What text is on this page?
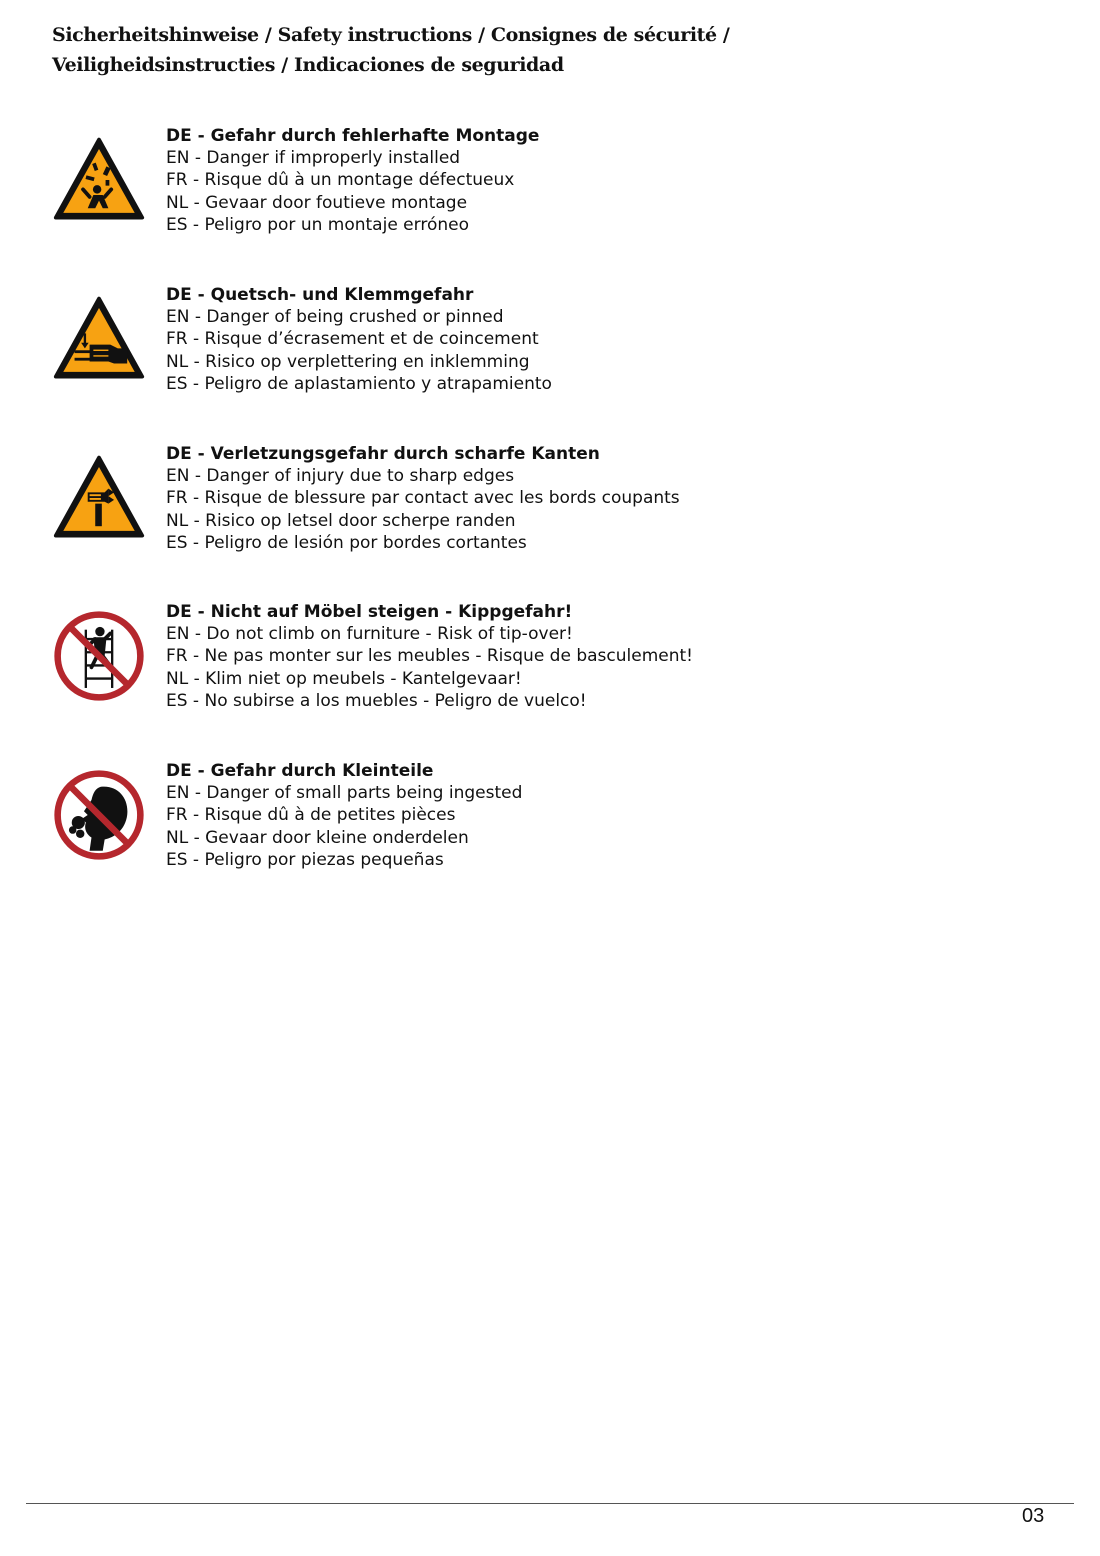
Sicherheitshinweise / Safety instructions / Consignes de sécurité /
Veiligheidsinstructies / Indicaciones de seguridad
DE - Gefahr durch fehlerhafte Montage
EN - Danger if improperly installed
FR - Risque dû à un montage défectueux
NL - Gevaar door foutieve montage
ES - Peligro por un montaje erróneo
DE - Quetsch- und Klemmgefahr
EN - Danger of being crushed or pinned
FR - Risque d’écrasement et de coincement
NL - Risico op verplettering en inklemming
ES - Peligro de aplastamiento y atrapamiento
DE - Verletzungsgefahr durch scharfe Kanten
EN - Danger of injury due to sharp edges
FR - Risque de blessure par contact avec les bords coupants
NL - Risico op letsel door scherpe randen
ES - Peligro de lesión por bordes cortantes
DE - Nicht auf Möbel steigen - Kippgefahr!
EN - Do not climb on furniture - Risk of tip-over!
FR - Ne pas monter sur les meubles - Risque de basculement!
NL - Klim niet op meubels - Kantelgevaar!
ES - No subirse a los muebles - Peligro de vuelco!
DE - Gefahr durch Kleinteile
EN - Danger of small parts being ingested
FR - Risque dû à de petites pièces
NL - Gevaar door kleine onderdelen
ES - Peligro por piezas pequeñas
03
